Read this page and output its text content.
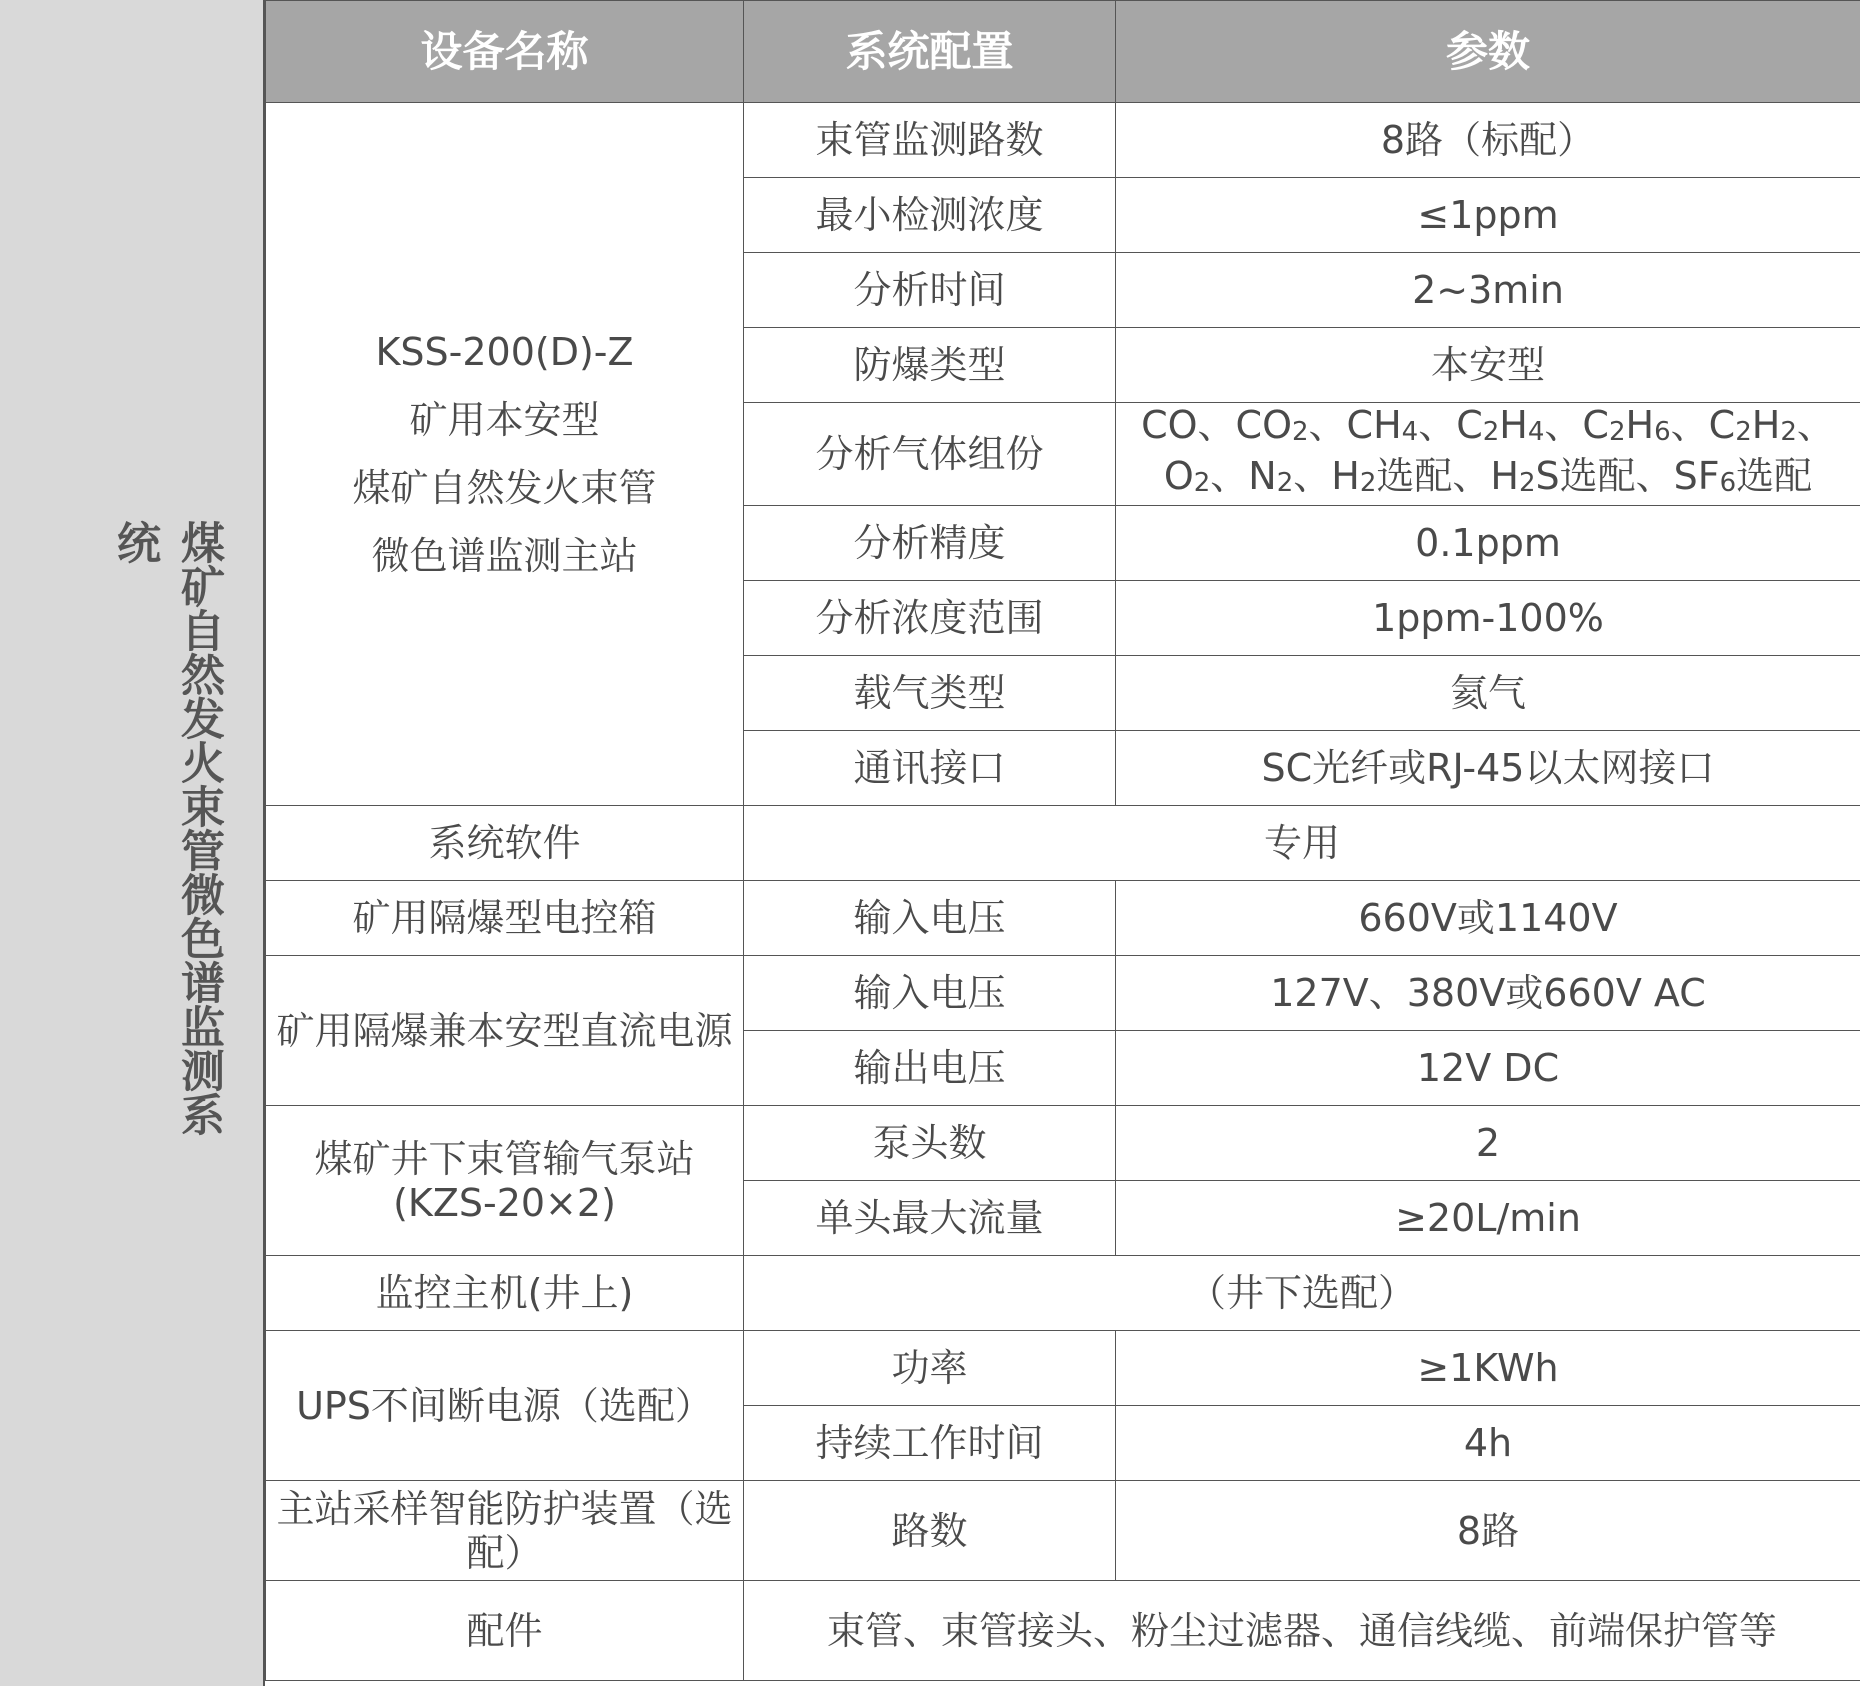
煤矿自然发火束管微色谱监测系统
设备名称	系统配置	参数

KSS-200(D)-Z
矿用本安型
煤矿自然发火束管
微色谱监测主站	束管监测路数	8路（标配）
	最小检测浓度	≤1ppm
	分析时间	2~3min
	防爆类型	本安型
	分析气体组份	CO、$CO_2$、$CH_4$、$C_2H_4$、$C_2H_6$、$C_2H_2$、
$O_2$、$N_2$、$H_2$选配、$H_2S$选配、$SF_6$选配

	分析精度	0.1ppm
	分析浓度范围	1ppm-100%
	载气类型	氦气
	通讯接口	SC光纤或RJ-45以太网接口
系统软件	专用	
矿用隔爆型电控箱	输入电压	660V或1140V
矿用隔爆兼本安型直流电源	输入电压	127V、380V或660V AC
	输出电压	12V DC

煤矿井下束管输气泵站
(KZS-20×2)	泵头数	2
	单头最大流量	≥20L/min
监控主机(井上)	（井下选配）	
UPS不间断电源（选配）	功率	≥1KWh
	持续工作时间	4h

主站采样智能防护装置（选
配）	路数	8路
配件	束管、束管接头、粉尘过滤器、通信线缆、前端保护管等	
